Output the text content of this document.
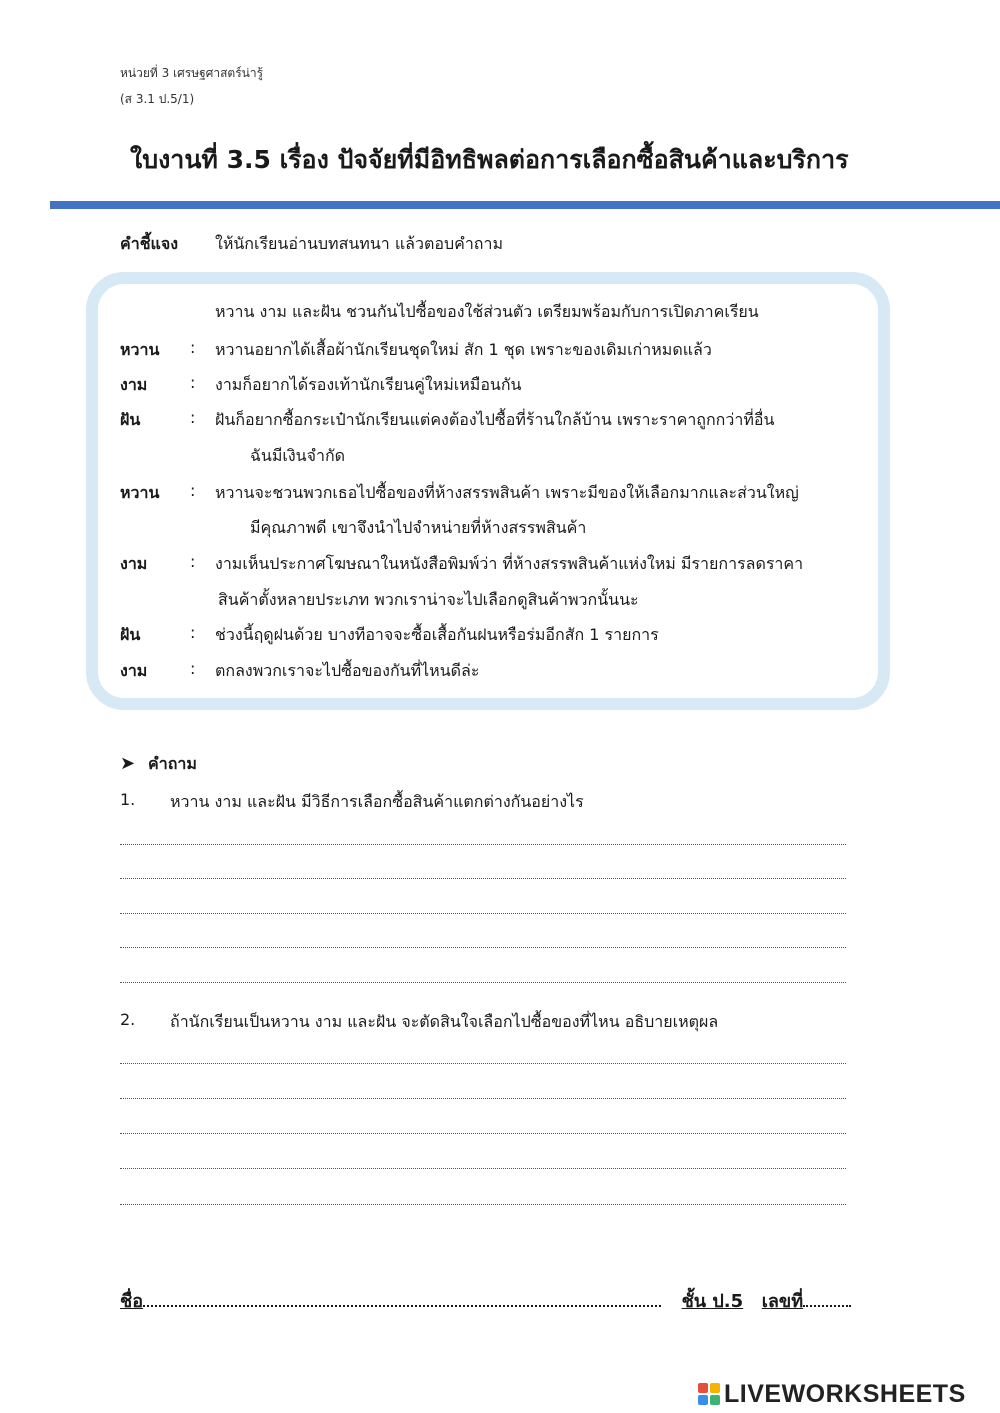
หน่วยที่ 3 เศรษฐศาสตร์น่ารู้
(ส 3.1 ป.5/1)
ใบงานที่ 3.5 เรื่อง ปัจจัยที่มีอิทธิพลต่อการเลือกซื้อสินค้าและบริการ
คำชี้แจง ให้นักเรียนอ่านบทสนทนา แล้วตอบคำถาม
หวาน งาม และฝัน ชวนกันไปซื้อของใช้ส่วนตัว เตรียมพร้อมกับการเปิดภาคเรียน
หวาน : หวานอยากได้เสื้อผ้านักเรียนชุดใหม่ สัก 1 ชุด เพราะของเดิมเก่าหมดแล้ว
งาม	: งามก็อยากได้รองเท้านักเรียนคู่ใหม่เหมือนกัน
ฝัน	: ฝันก็อยากซื้อกระเป๋านักเรียนแต่คงต้องไปซื้อที่ร้านใกล้บ้าน เพราะราคาถูกกว่าที่อื่น
ฉันมีเงินจำกัด
หวาน : หวานจะชวนพวกเธอไปซื้อของที่ห้างสรรพสินค้า เพราะมีของให้เลือกมากและส่วนใหญ่
มีคุณภาพดี เขาจึงนำไปจำหน่ายที่ห้างสรรพสินค้า
งาม	: งามเห็นประกาศโฆษณาในหนังสือพิมพ์ว่า ที่ห้างสรรพสินค้าแห่งใหม่ มีรายการลดราคา
สินค้าตั้งหลายประเภท พวกเราน่าจะไปเลือกดูสินค้าพวกนั้นนะ
ฝัน	: ช่วงนี้ฤดูฝนด้วย บางทีอาจจะซื้อเสื้อกันฝนหรือร่มอีกสัก 1 รายการ
งาม	: ตกลงพวกเราจะไปซื้อของกันที่ไหนดีล่ะ
➤ คำถาม
1. หวาน งาม และฝัน มีวิธีการเลือกซื้อสินค้าแตกต่างกันอย่างไร
2. ถ้านักเรียนเป็นหวาน งาม และฝัน จะตัดสินใจเลือกไปซื้อของที่ไหน อธิบายเหตุผล
ชื่อ	ชั้น ป.5 เลขที่
LIVEWORKSHEETS
